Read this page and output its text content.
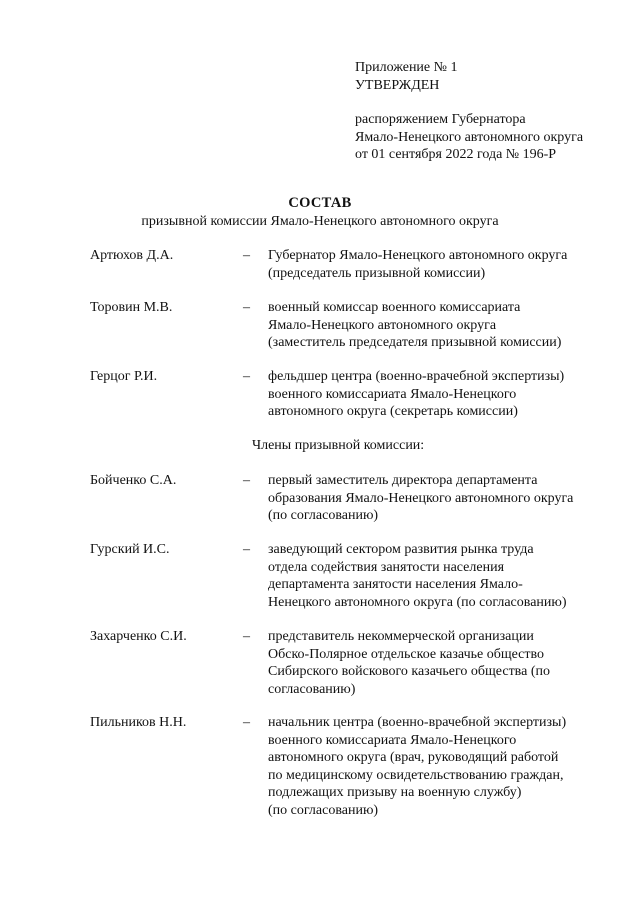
Приложение № 1
УТВЕРЖДЕН
распоряжением Губернатора
Ямало-Ненецкого автономного округа
от 01 сентября 2022 года № 196-Р
СОСТАВ
призывной комиссии Ямало-Ненецкого автономного округа
Артюхов Д.А.	– Губернатор Ямало-Ненецкого автономного округа
(председатель призывной комиссии)
Торовин М.В.	– военный комиссар военного комиссариата
Ямало-Ненецкого автономного округа
(заместитель председателя призывной комиссии)
Герцог Р.И.	– фельдшер центра (военно-врачебной экспертизы)
военного комиссариата Ямало-Ненецкого
автономного округа (секретарь комиссии)
Члены призывной комиссии:
Бойченко С.А.	– первый заместитель директора департамента
образования Ямало-Ненецкого автономного округа
(по согласованию)
Гурский И.С.	– заведующий сектором развития рынка труда
отдела содействия занятости населения
департамента занятости населения Ямало-
Ненецкого автономного округа (по согласованию)
Захарченко С.И.	– представитель некоммерческой организации
Обско-Полярное отдельское казачье общество
Сибирского войскового казачьего общества (по
согласованию)
Пильников Н.Н.	– начальник центра (военно-врачебной экспертизы)
военного комиссариата Ямало-Ненецкого
автономного округа (врач, руководящий работой
по медицинскому освидетельствованию граждан,
подлежащих призыву на военную службу)
(по согласованию)
